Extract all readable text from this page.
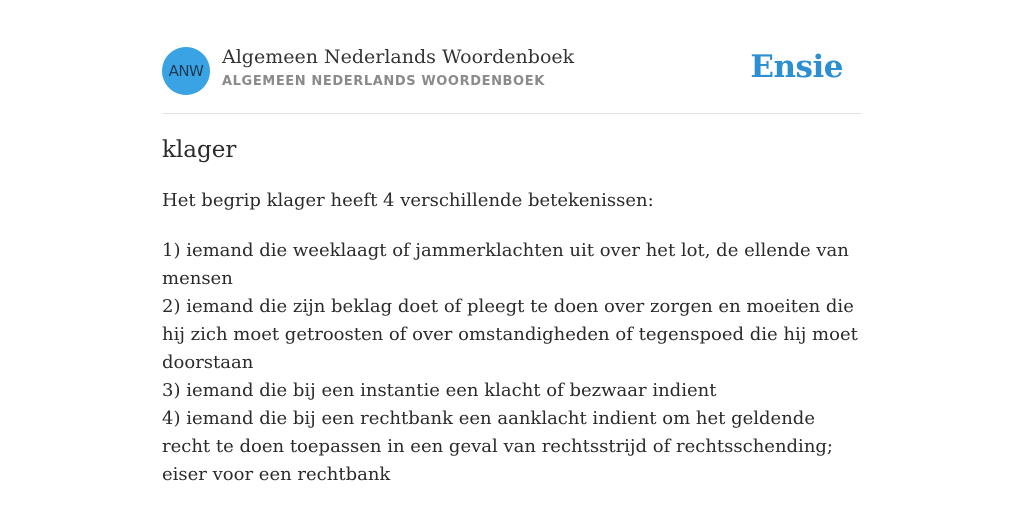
ANW
Algemeen Nederlands Woordenboek
ALGEMEEN NEDERLANDS WOORDENBOEK	Ensie
klager
Het begrip klager heeft 4 verschillende betekenissen:
1) iemand die weeklaagt of jammerklachten uit over het lot, de ellende van mensen
2) iemand die zijn beklag doet of pleegt te doen over zorgen en moeiten die hij zich moet getroosten of over omstandigheden of tegenspoed die hij moet doorstaan
3) iemand die bij een instantie een klacht of bezwaar indient
4) iemand die bij een rechtbank een aanklacht indient om het geldende recht te doen toepassen in een geval van rechtsstrijd of rechtsschending; eiser voor een rechtbank
